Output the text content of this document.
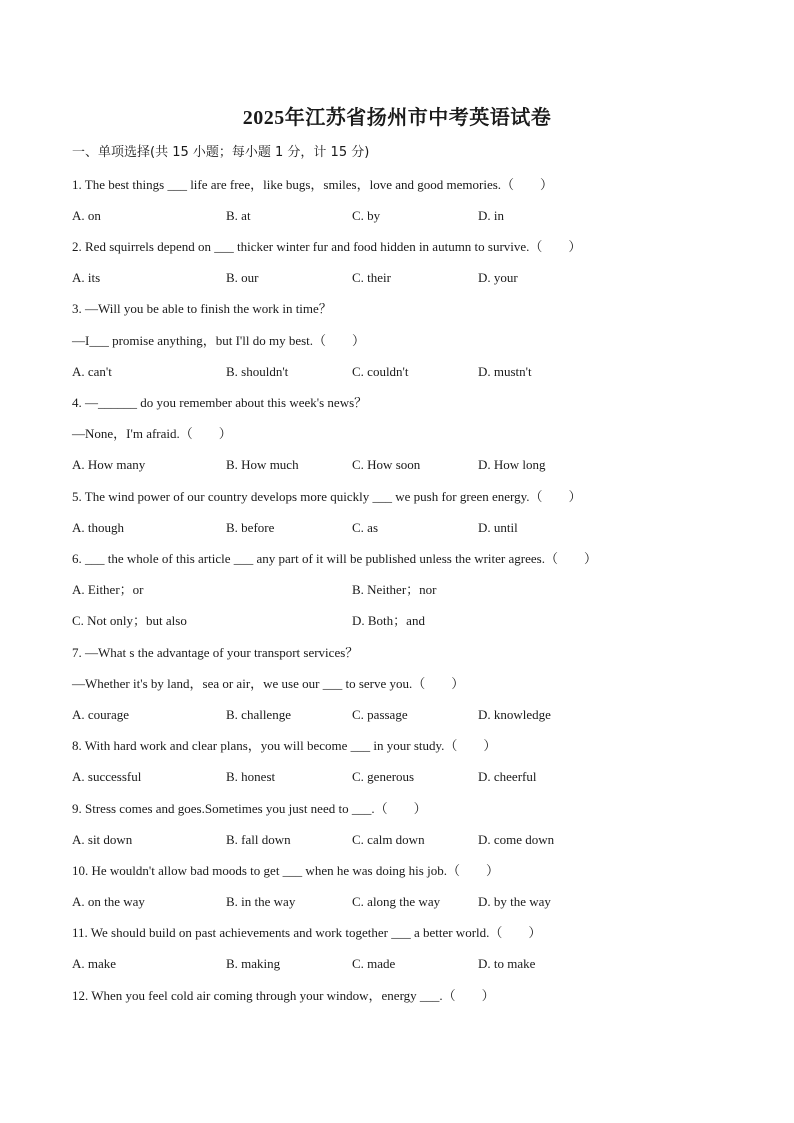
2025年江苏省扬州市中考英语试卷
一、单项选择(共 15 小题；每小题 1 分，计 15 分)
1. The best things ___ life are free，like bugs，smiles，love and good memories.（　　）
A. on	B. at	C. by	D. in
2. Red squirrels depend on ___ thicker winter fur and food hidden in autumn to survive.（　　）
A. its	B. our	C. their	D. your
3. —Will you be able to finish the work in time？
—I___ promise anything，but I'll do my best.（　　）
A. can't	B. shouldn't	C. couldn't	D. mustn't
4. —______ do you remember about this week's news？
—None，I'm afraid.（　　）
A. How many	B. How much	C. How soon	D. How long
5. The wind power of our country develops more quickly ___ we push for green energy.（　　）
A. though	B. before	C. as	D. until
6. ___ the whole of this article ___ any part of it will be published unless the writer agrees.（　　）
A. Either；or	B. Neither；nor
C. Not only；but also	D. Both；and
7. —What s the advantage of your transport services？
—Whether it's by land，sea or air，we use our ___ to serve you.（　　）
A. courage	B. challenge	C. passage	D. knowledge
8. With hard work and clear plans，you will become ___ in your study.（　　）
A. successful	B. honest	C. generous	D. cheerful
9. Stress comes and goes.Sometimes you just need to ___.（　　）
A. sit down	B. fall down	C. calm down	D. come down
10. He wouldn't allow bad moods to get ___ when he was doing his job.（　　）
A. on the way	B. in the way	C. along the way	D. by the way
11. We should build on past achievements and work together ___ a better world.（　　）
A. make	B. making	C. made	D. to make
12. When you feel cold air coming through your window，energy ___.（　　）
